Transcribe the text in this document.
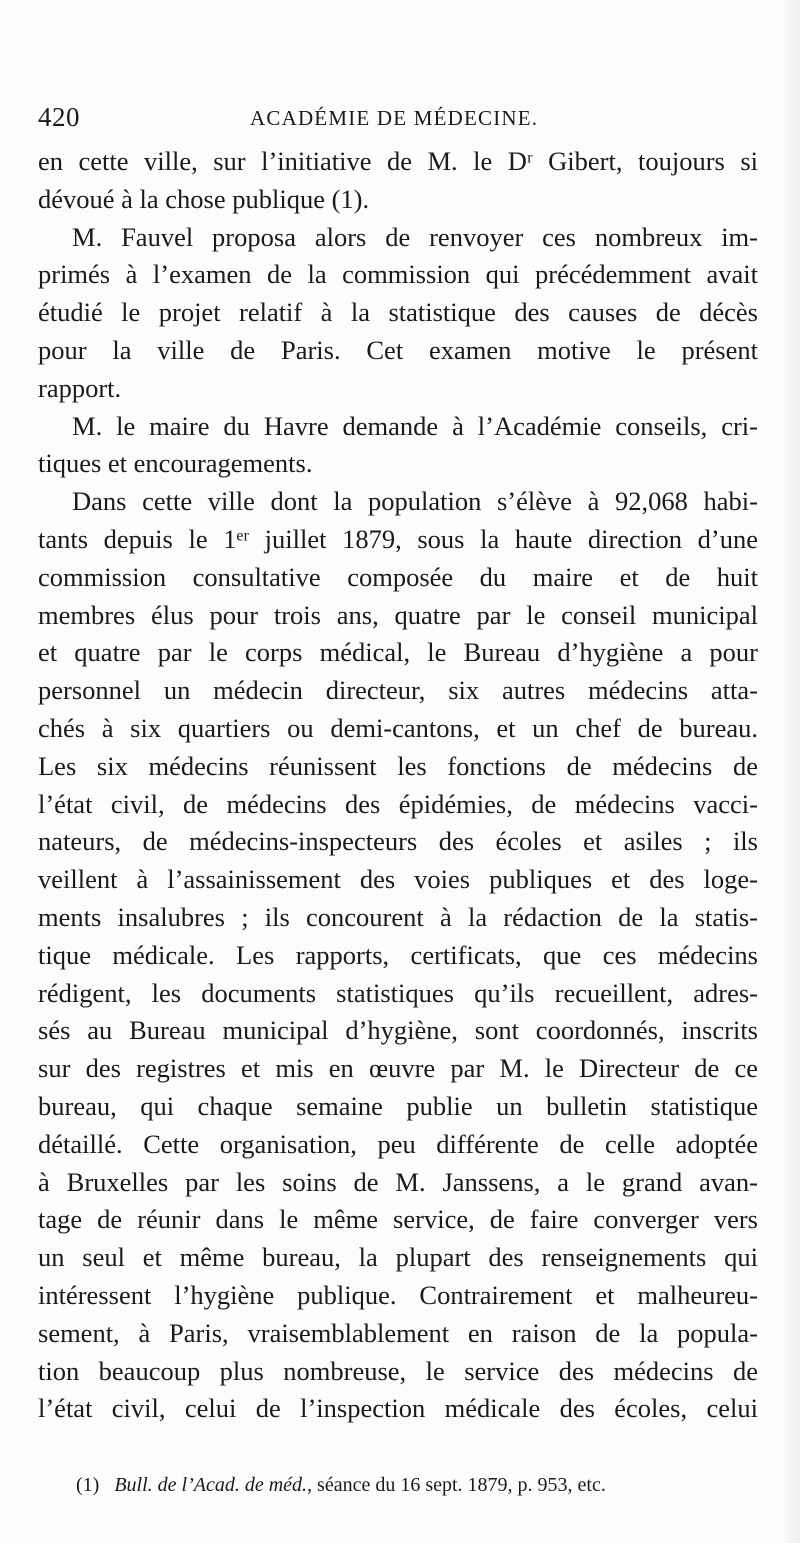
420	ACADÉMIE DE MÉDECINE.
en cette ville, sur l’initiative de M. le Dʳ Gibert, toujours si
dévoué à la chose publique (1).
M. Fauvel proposa alors de renvoyer ces nombreux im-
primés à l’examen de la commission qui précédemment avait
étudié le projet relatif à la statistique des causes de décès
pour la ville de Paris. Cet examen motive le présent
rapport.
M. le maire du Havre demande à l’Académie conseils, cri-
tiques et encouragements.
Dans cette ville dont la population s’élève à 92,068 habi-
tants depuis le 1ᵉʳ juillet 1879, sous la haute direction d’une
commission consultative composée du maire et de huit
membres élus pour trois ans, quatre par le conseil municipal
et quatre par le corps médical, le Bureau d’hygiène a pour
personnel un médecin directeur, six autres médecins atta-
chés à six quartiers ou demi-cantons, et un chef de bureau.
Les six médecins réunissent les fonctions de médecins de
l’état civil, de médecins des épidémies, de médecins vacci-
nateurs, de médecins-inspecteurs des écoles et asiles ; ils
veillent à l’assainissement des voies publiques et des loge-
ments insalubres ; ils concourent à la rédaction de la statis-
tique médicale. Les rapports, certificats, que ces médecins
rédigent, les documents statistiques qu’ils recueillent, adres-
sés au Bureau municipal d’hygiène, sont coordonnés, inscrits
sur des registres et mis en œuvre par M. le Directeur de ce
bureau, qui chaque semaine publie un bulletin statistique
détaillé. Cette organisation, peu différente de celle adoptée
à Bruxelles par les soins de M. Janssens, a le grand avan-
tage de réunir dans le même service, de faire converger vers
un seul et même bureau, la plupart des renseignements qui
intéressent l’hygiène publique. Contrairement et malheureu-
sement, à Paris, vraisemblablement en raison de la popula-
tion beaucoup plus nombreuse, le service des médecins de
l’état civil, celui de l’inspection médicale des écoles, celui
(1) Bull. de l’Acad. de méd., séance du 16 sept. 1879, p. 953, etc.
